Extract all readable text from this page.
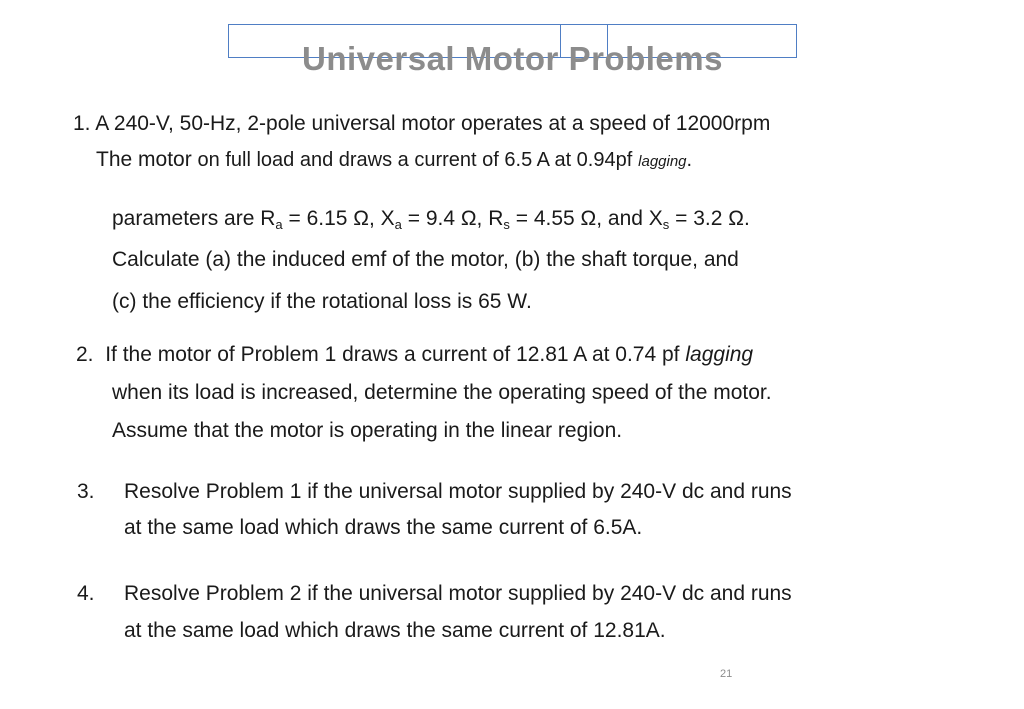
Universal Motor Problems
1. A 240-V, 50-Hz, 2-pole universal motor operates at a speed of 12000rpm
The motor on full load and draws a current of 6.5 A at 0.94pf lagging.
parameters are $R_a = 6.15$ Ω, $X_a = 9.4$ Ω, $R_s = 4.55$ Ω, and $X_s = 3.2$ Ω.
Calculate (a) the induced emf of the motor, (b) the shaft torque, and
(c) the efficiency if the rotational loss is 65 W.
2. If the motor of Problem 1 draws a current of 12.81 A at 0.74 pf lagging
when its load is increased, determine the operating speed of the motor.
Assume that the motor is operating in the linear region.
3. Resolve Problem 1 if the universal motor supplied by 240-V dc and runs
at the same load which draws the same current of 6.5A.
4. Resolve Problem 2 if the universal motor supplied by 240-V dc and runs
at the same load which draws the same current of 12.81A.
21
